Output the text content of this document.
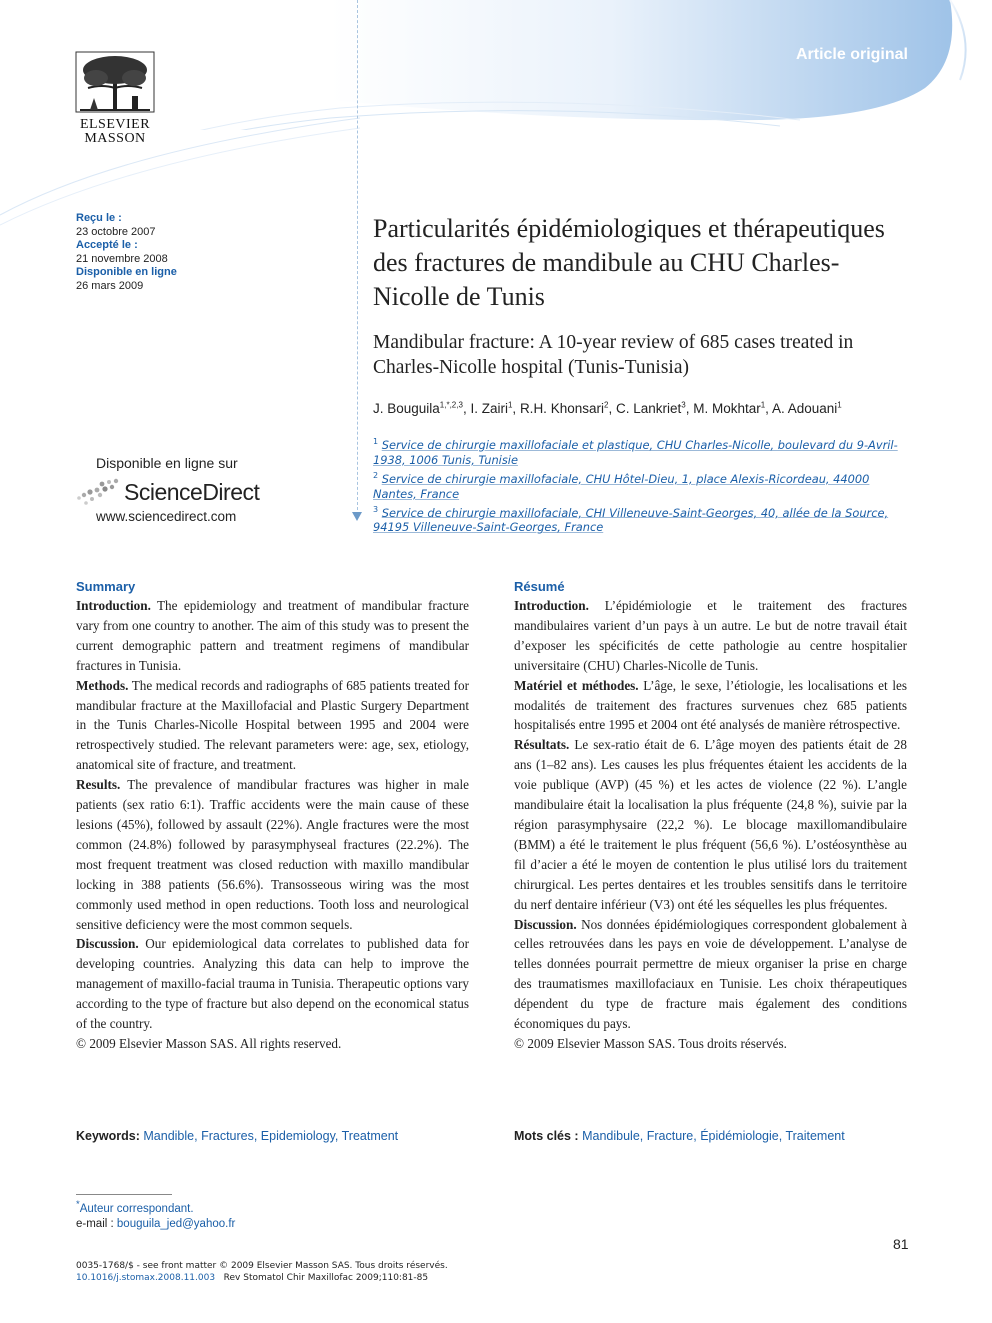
Article original
ELSEVIER
MASSON
Reçu le :
23 octobre 2007
Accepté le :
21 novembre 2008
Disponible en ligne
26 mars 2009
Disponible en ligne sur
ScienceDirect
www.sciencedirect.com
Particularités épidémiologiques et thérapeutiques des fractures de mandibule au CHU Charles-Nicolle de Tunis
Mandibular fracture: A 10-year review of 685 cases treated in Charles-Nicolle hospital (Tunis-Tunisia)
J. Bouguila$^{1,*,2,3}$, I. Zairi$^1$, R.H. Khonsari$^2$, C. Lankriet$^3$, M. Mokhtar$^1$, A. Adouani$^1$
$^1$ Service de chirurgie maxillofaciale et plastique, CHU Charles-Nicolle, boulevard du 9-Avril-1938, 1006 Tunis, Tunisie
$^2$ Service de chirurgie maxillofaciale, CHU Hôtel-Dieu, 1, place Alexis-Ricordeau, 44000 Nantes, France
$^3$ Service de chirurgie maxillofaciale, CHI Villeneuve-Saint-Georges, 40, allée de la Source, 94195 Villeneuve-Saint-Georges, France
Summary

Introduction. The epidemiology and treatment of mandibular fracture vary from one country to another. The aim of this study was to present the current demographic pattern and treatment regimens of mandibular fractures in Tunisia.

Methods. The medical records and radiographs of 685 patients treated for mandibular fracture at the Maxillofacial and Plastic Surgery Department in the Tunis Charles-Nicolle Hospital between 1995 and 2004 were retrospectively studied. The relevant parameters were: age, sex, etiology, anatomical site of fracture, and treatment.

Results. The prevalence of mandibular fractures was higher in male patients (sex ratio 6:1). Traffic accidents were the main cause of these lesions (45%), followed by assault (22%). Angle fractures were the most common (24.8%) followed by parasymphyseal fractures (22.2%). The most frequent treatment was closed reduction with maxillo mandibular locking in 388 patients (56.6%). Transosseous wiring was the most commonly used method in open reductions. Tooth loss and neurological sensitive deficiency were the most common sequels.

Discussion. Our epidemiological data correlates to published data for developing countries. Analyzing this data can help to improve the management of maxillo-facial trauma in Tunisia. Therapeutic options vary according to the type of fracture but also depend on the economical status of the country.

© 2009 Elsevier Masson SAS. All rights reserved.

Résumé

Introduction. L’épidémiologie et le traitement des fractures mandibulaires varient d’un pays à un autre. Le but de notre travail était d’exposer les spécificités de cette pathologie au centre hospitalier universitaire (CHU) Charles-Nicolle de Tunis.

Matériel et méthodes. L’âge, le sexe, l’étiologie, les localisations et les modalités de traitement des fractures survenues chez 685 patients hospitalisés entre 1995 et 2004 ont été analysés de manière rétrospective.

Résultats. Le sex-ratio était de 6. L’âge moyen des patients était de 28 ans (1–82 ans). Les causes les plus fréquentes étaient les accidents de la voie publique (AVP) (45 %) et les actes de violence (22 %). L’angle mandibulaire était la localisation la plus fréquente (24,8 %), suivie par la région parasymphysaire (22,2 %). Le blocage maxillomandibulaire (BMM) a été le traitement le plus fréquent (56,6 %). L’ostéosynthèse au fil d’acier a été le moyen de contention le plus utilisé lors du traitement chirurgical. Les pertes dentaires et les troubles sensitifs dans le territoire du nerf dentaire inférieur (V3) ont été les séquelles les plus fréquentes.

Discussion. Nos données épidémiologiques correspondent globalement à celles retrouvées dans les pays en voie de développement. L’analyse de telles données pourrait permettre de mieux organiser la prise en charge des traumatismes maxillofaciaux en Tunisie. Les choix thérapeutiques dépendent du type de fracture mais également des conditions économiques du pays.

© 2009 Elsevier Masson SAS. Tous droits réservés.

Keywords: Mandible, Fractures, Epidemiology, Treatment	Mots clés : Mandibule, Fracture, Épidémiologie, Traitement
*Auteur correspondant.
e-mail : bouguila_jed@yahoo.fr
81
0035-1768/$ - see front matter © 2009 Elsevier Masson SAS. Tous droits réservés.
10.1016/j.stomax.2008.11.003 Rev Stomatol Chir Maxillofac 2009;110:81-85
